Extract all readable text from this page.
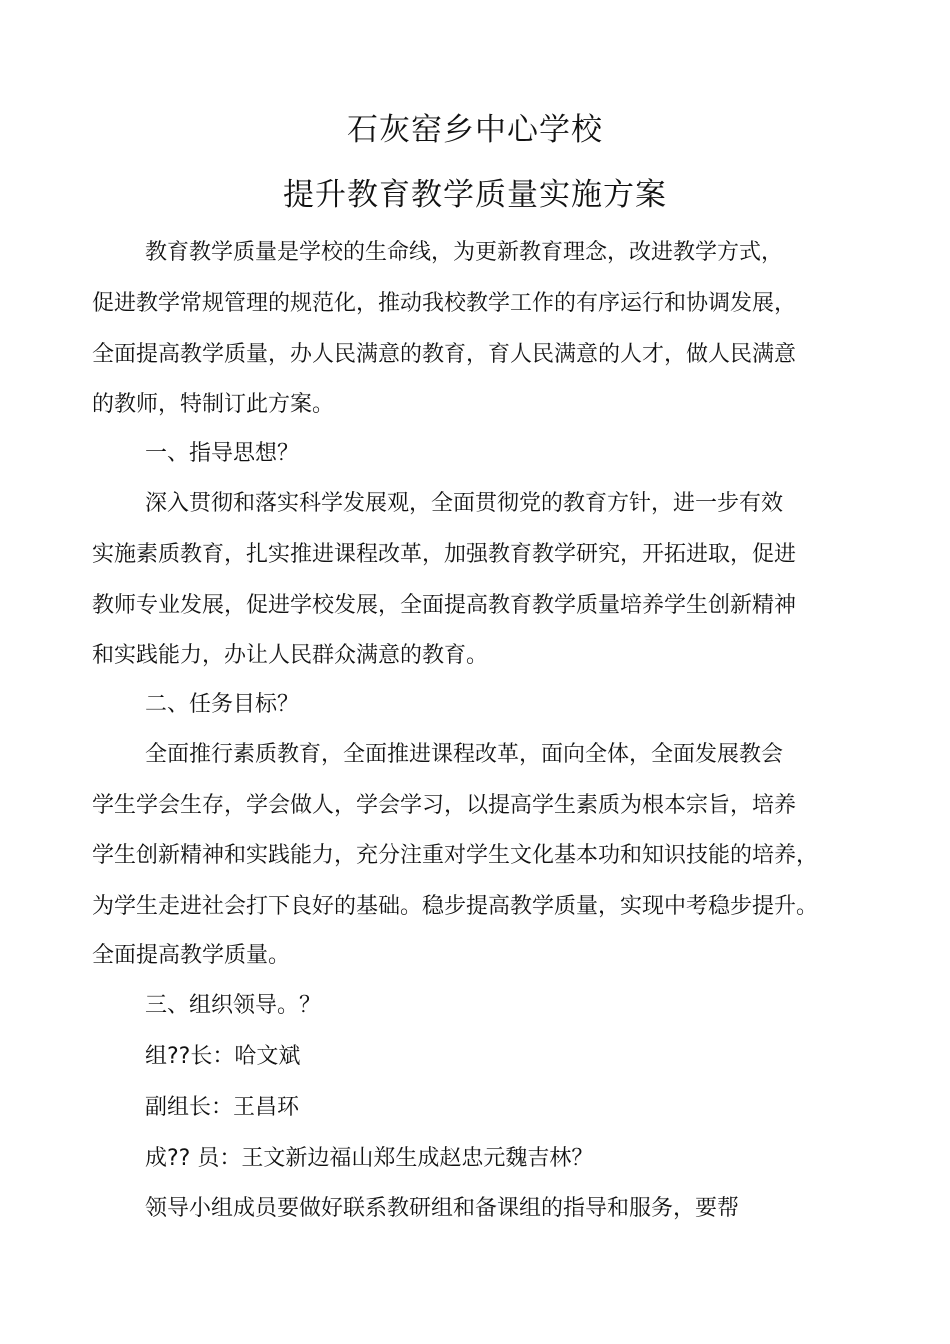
石灰窑乡中心学校
提升教育教学质量实施方案
教育教学质量是学校的生命线，为更新教育理念，改进教学方式，
促进教学常规管理的规范化，推动我校教学工作的有序运行和协调发展，
全面提高教学质量，办人民满意的教育，育人民满意的人才，做人民满意
的教师，特制订此方案。
一、指导思想？
深入贯彻和落实科学发展观，全面贯彻党的教育方针，进一步有效
实施素质教育，扎实推进课程改革，加强教育教学研究，开拓进取，促进
教师专业发展，促进学校发展，全面提高教育教学质量培养学生创新精神
和实践能力，办让人民群众满意的教育。
二、任务目标？
全面推行素质教育，全面推进课程改革，面向全体，全面发展教会
学生学会生存，学会做人，学会学习，以提高学生素质为根本宗旨，培养
学生创新精神和实践能力，充分注重对学生文化基本功和知识技能的培养，
为学生走进社会打下良好的基础。稳步提高教学质量，实现中考稳步提升。
全面提高教学质量。
三、组织领导。？
组??长：哈文斌
副组长：王昌环
成?? 员：王文新边福山郑生成赵忠元魏吉林？
领导小组成员要做好联系教研组和备课组的指导和服务，要帮
